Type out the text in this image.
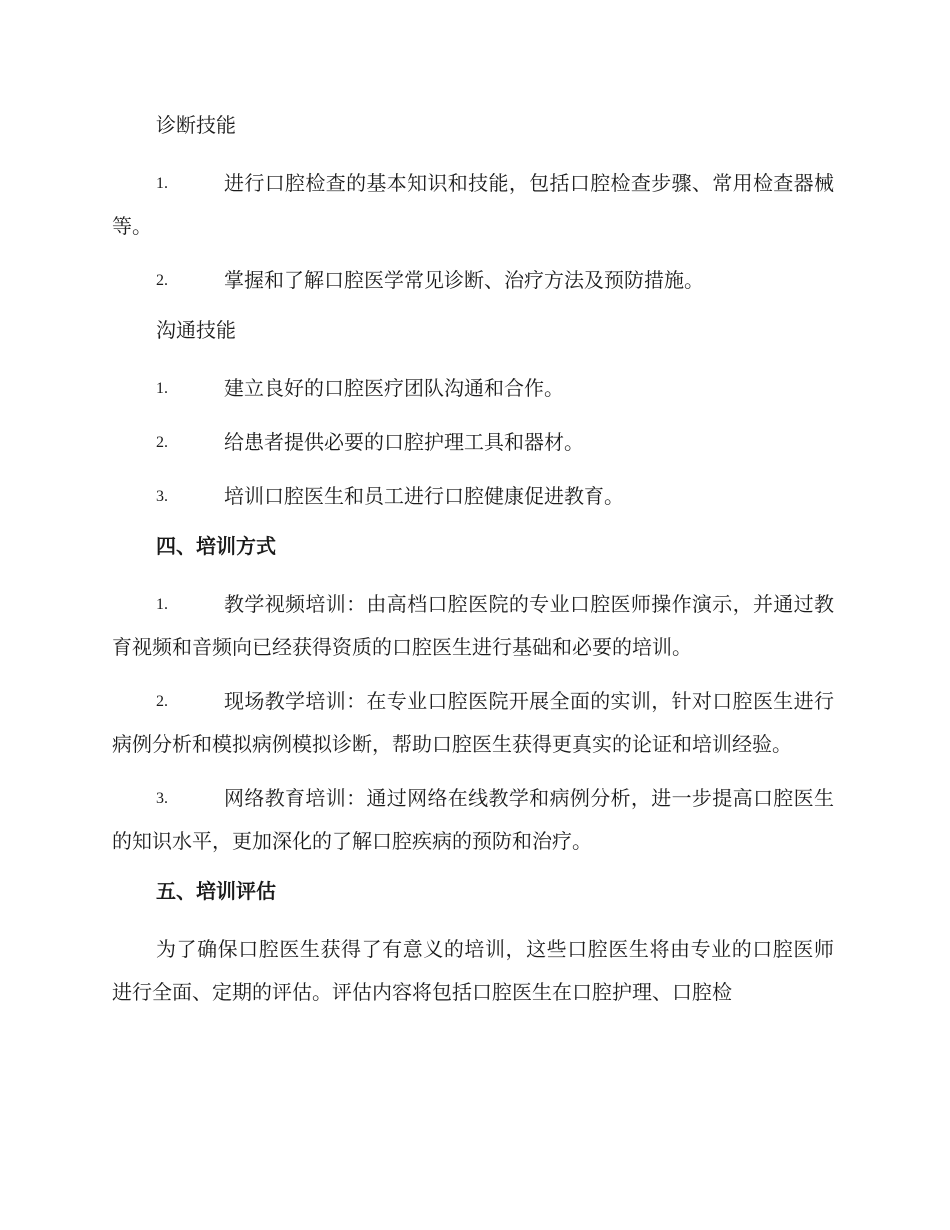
诊断技能
1.	进行口腔检查的基本知识和技能，包括口腔检查步骤、常用检查器械等。
2.	掌握和了解口腔医学常见诊断、治疗方法及预防措施。
沟通技能
1.	建立良好的口腔医疗团队沟通和合作。
2.	给患者提供必要的口腔护理工具和器材。
3.	培训口腔医生和员工进行口腔健康促进教育。
四、培训方式
1.	教学视频培训：由高档口腔医院的专业口腔医师操作演示，并通过教育视频和音频向已经获得资质的口腔医生进行基础和必要的培训。
2.	现场教学培训：在专业口腔医院开展全面的实训，针对口腔医生进行病例分析和模拟病例模拟诊断，帮助口腔医生获得更真实的论证和培训经验。
3.	网络教育培训：通过网络在线教学和病例分析，进一步提高口腔医生的知识水平，更加深化的了解口腔疾病的预防和治疗。
五、培训评估

为了确保口腔医生获得了有意义的培训，这些口腔医生将由专业的口腔医师进行全面、定期的评估。评估内容将包括口腔医生在口腔护理、口腔检
